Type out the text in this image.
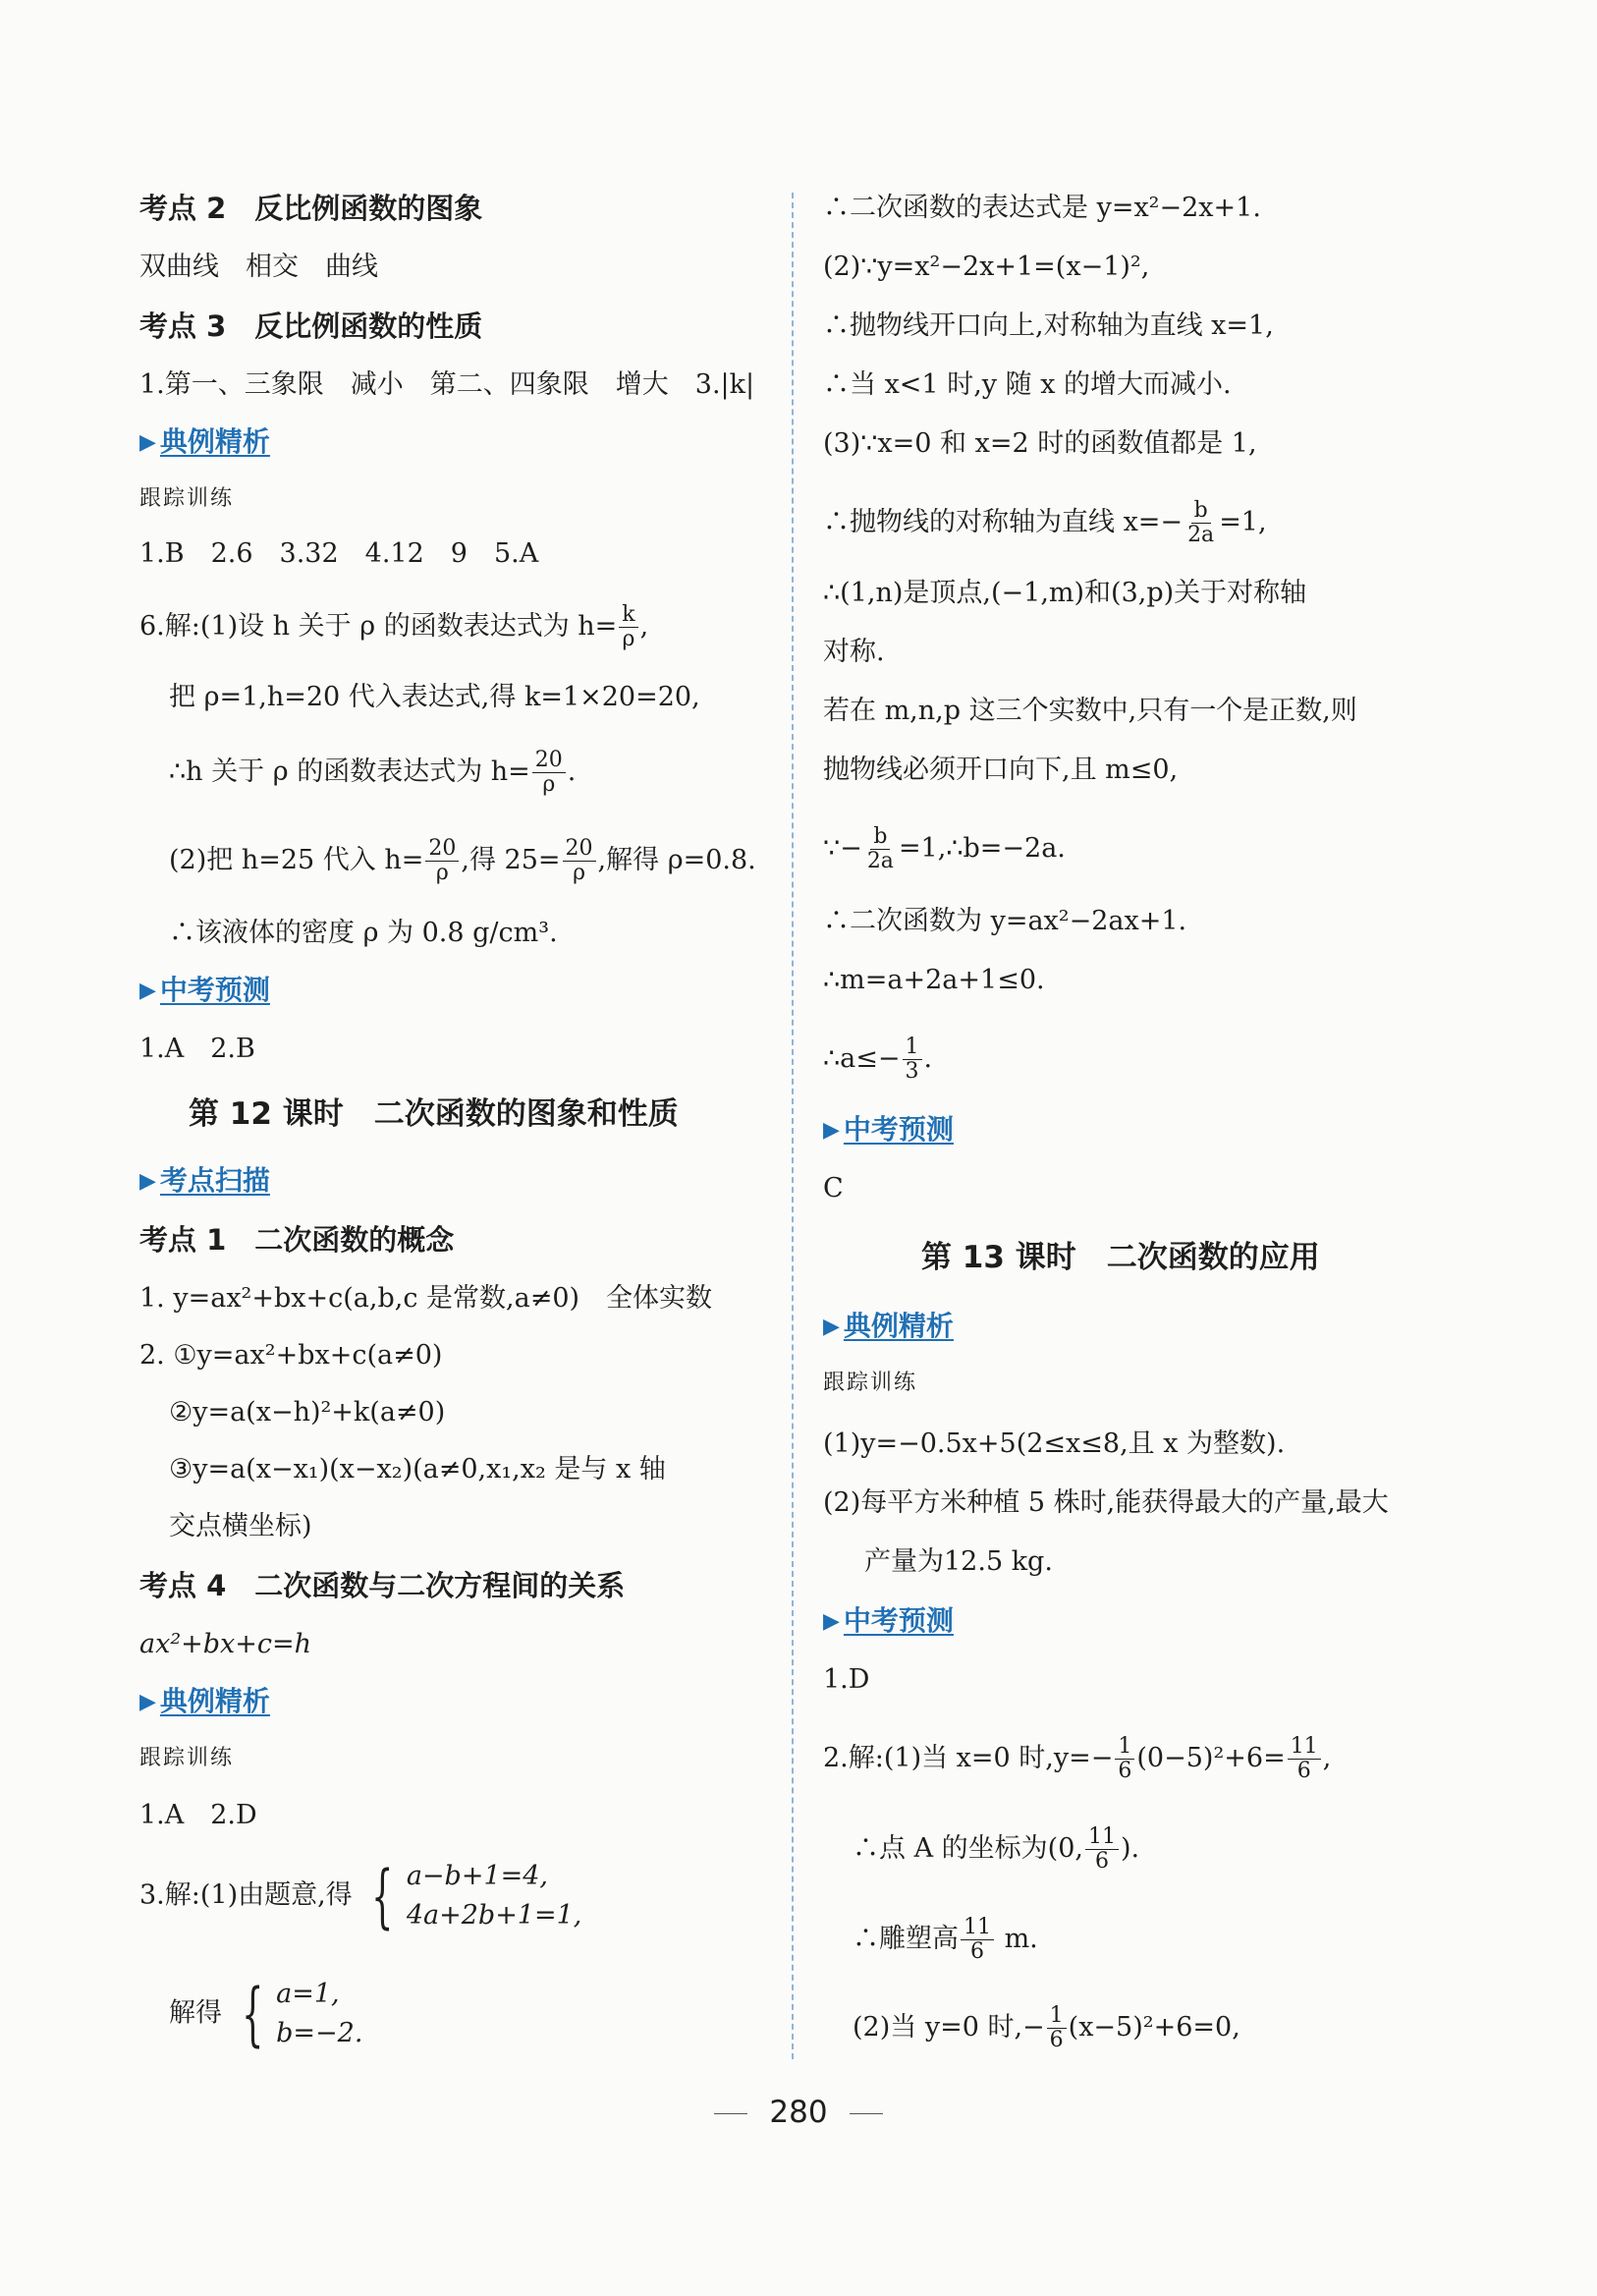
考点 2　反比例函数的图象
双曲线　相交　曲线
考点 3　反比例函数的性质
1.第一、三象限　减小　第二、四象限　增大　3.|k|
▶ 典例精析
跟踪训练
1.B　2.6　3.32　4.12　9　5.A
6.解:(1)设 h 关于 ρ 的函数表达式为 $h= \frac{k}{\rho}$ ,
把 ρ=1,h=20 代入表达式,得 k=1×20=20,
∴h 关于 ρ 的函数表达式为 $h= \frac{20}{\rho}$ .
(2)把 h=25 代入 $h= \frac{20}{\rho}$ ,得 $25= \frac{20}{\rho}$ ,解得 ρ=0.8.
∴该液体的密度 ρ 为 0.8 g/cm³.
▶ 中考预测
1.A　2.B
第 12 课时　二次函数的图象和性质
▶ 考点扫描
考点 1　二次函数的概念
1. y=ax²+bx+c(a,b,c 是常数,a≠0)　全体实数
2. ①y=ax²+bx+c(a≠0)
②y=a(x−h)²+k(a≠0)
③y=a(x−x₁)(x−x₂)(a≠0,x₁,x₂ 是与 x 轴
交点横坐标)
考点 4　二次函数与二次方程间的关系
ax²+bx+c=h
▶ 典例精析
跟踪训练
1.A　2.D
3.解:(1)由题意,得 { a−b+1=4,
4a+2b+1=1,
解得 { a=1,
b=−2.
∴二次函数的表达式是 y=x²−2x+1.
(2)∵y=x²−2x+1=(x−1)²,
∴抛物线开口向上,对称轴为直线 x=1,
∴当 x<1 时,y 随 x 的增大而减小.
(3)∵x=0 和 x=2 时的函数值都是 1,
∴抛物线的对称轴为直线 $x=- \frac{b}{2a} =1$,
∴(1,n)是顶点,(−1,m)和(3,p)关于对称轴
对称.
若在 m,n,p 这三个实数中,只有一个是正数,则
抛物线必须开口向下,且 m≤0,
∵− $\frac{b}{2a}$ =1,∴b=−2a.
∴二次函数为 y=ax²−2ax+1.
∴m=a+2a+1≤0.
∴a≤− $\frac{1}{3}$ .
▶ 中考预测
C
第 13 课时　二次函数的应用
▶ 典例精析
跟踪训练
(1)y=−0.5x+5(2≤x≤8,且 x 为整数).
(2)每平方米种植 5 株时,能获得最大的产量,最大
产量为12.5 kg.
▶ 中考预测
1.D
2.解:(1)当 x=0 时$,y=- \frac{1}{6} (0-5)^2+6= \frac{11}{6}$ ,
∴点 A 的坐标为(0, $\frac{11}{6}$ ).
∴雕塑高 $\frac{11}{6} m$.
(2)当 y=0 时,− $\frac{1}{6} (x-5)^2+6=0$,
280
